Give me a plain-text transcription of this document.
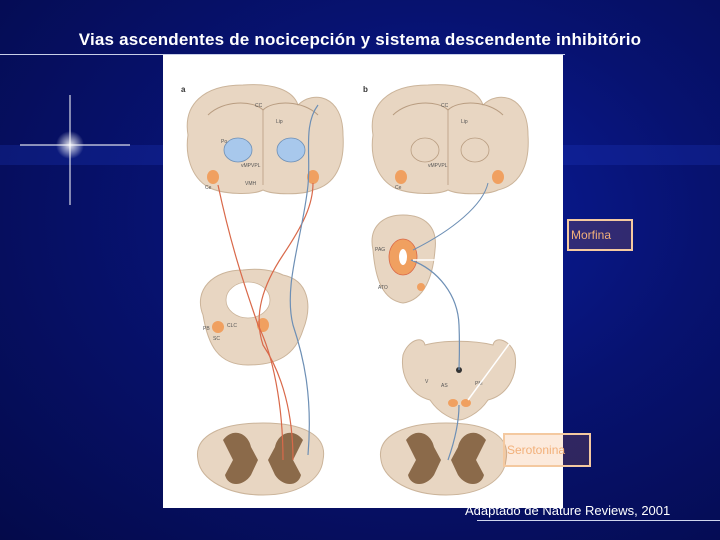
Vias ascendentes de nocicepción y sistema descendente inhibitório
a	b
CC
Lip
Po
vMPVPL
VMH
Ce
PB	CLC
SC
CC
Lip
vMPVPL
Ce
PAG
ATO
V
AS	PM
Morfina
Serotonina
Adaptado de Nature Reviews, 2001
